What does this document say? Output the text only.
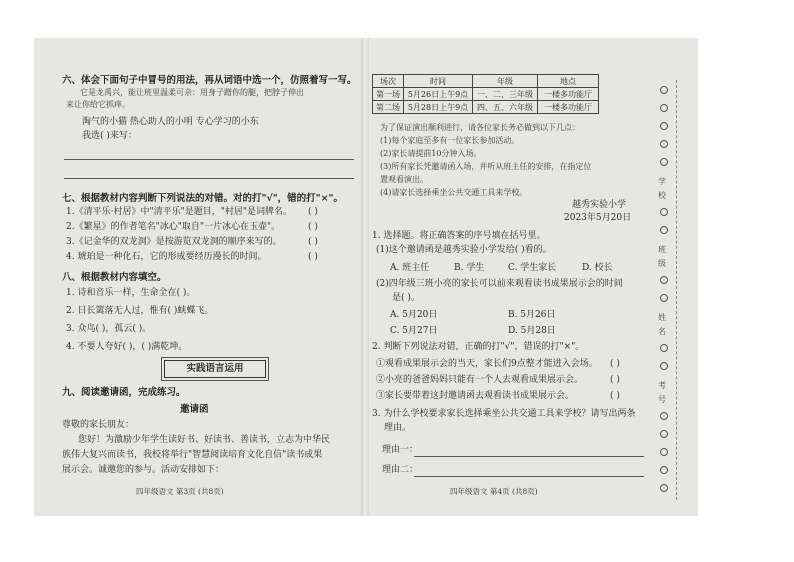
六、体会下面句子中冒号的用法，再从词语中选一个，仿照着写一写。
它是龙禹兴，能让班里温柔可亲：用身子蹭你的腿，把脖子伸出
来让你给它抓痒。
淘气的小猫 热心助人的小明 专心学习的小东
我选( )来写：
七、根据教材内容判断下列说法的对错。对的打"√"，错的打"×"。
1.《清平乐·村居》中"清平乐"是题目，"村居"是词牌名。 ( )
2.《繁星》的作者笔名"冰心"取自"一片冰心在玉壶"。	( )
3.《记金华的双龙洞》是按游览双龙洞的顺序来写的。	( )
4. 琥珀是一种化石，它的形成要经历漫长的时间。	( )
八、根据教材内容填空。
1. 诗和音乐一样，生命全在( )。
2. 日长篱落无人过，惟有( )蛱蝶飞。
3. 众鸟( )，孤云( )。
4. 不要人夸好( )，( )满乾坤。
实践语言运用
九、阅读邀请函，完成练习。
邀请函
尊敬的家长朋友：
您好！为激励少年学生读好书、好读书、善读书，立志为中华民
族伟大复兴而读书，我校将举行"智慧阅读培育文化自信"读书成果
展示会。诚邀您的参与。活动安排如下：
四年级语文 第3页 (共8页)
场次	时间	年级	地点
第一场	5月26日上午9点	一、二、三年级	一楼多功能厅
第二场	5月28日上午9点	四、五、六年级	一楼多功能厅
为了保证演出顺利进行，请各位家长务必做到以下几点：
(1)每个家庭至多有一位家长参加活动。
(2)家长请提前10分钟入场。
(3)所有家长凭邀请函入场，并听从班主任的安排，在指定位
置观看演出。
(4)请家长选择乘坐公共交通工具来学校。
越秀实验小学
2023年5月20日
1. 选择题。将正确答案的序号填在括号里。
(1)这个邀请函是越秀实验小学发给( )看的。
A. 班主任	B. 学生	C. 学生家长	D. 校长
(2)四年级三班小亮的家长可以前来观看读书成果展示会的时间
是( )。
A. 5月20日	B. 5月26日
C. 5月27日	D. 5月28日
2. 判断下列说法对错，正确的打"√"，错误的打"×"。
①观看成果展示会的当天，家长们9点整才能进入会场。 ( )
②小亮的爸爸妈妈只能有一个人去观看成果展示会。	( )
③家长要带着这封邀请函去观看读书成果展示会。	( )
3. 为什么学校要求家长选择乘坐公共交通工具来学校？请写出两条
理由。
理由一：
理由二：
四年级语文 第4页 (共8页)
学
校
班
级
姓
名
考
号
